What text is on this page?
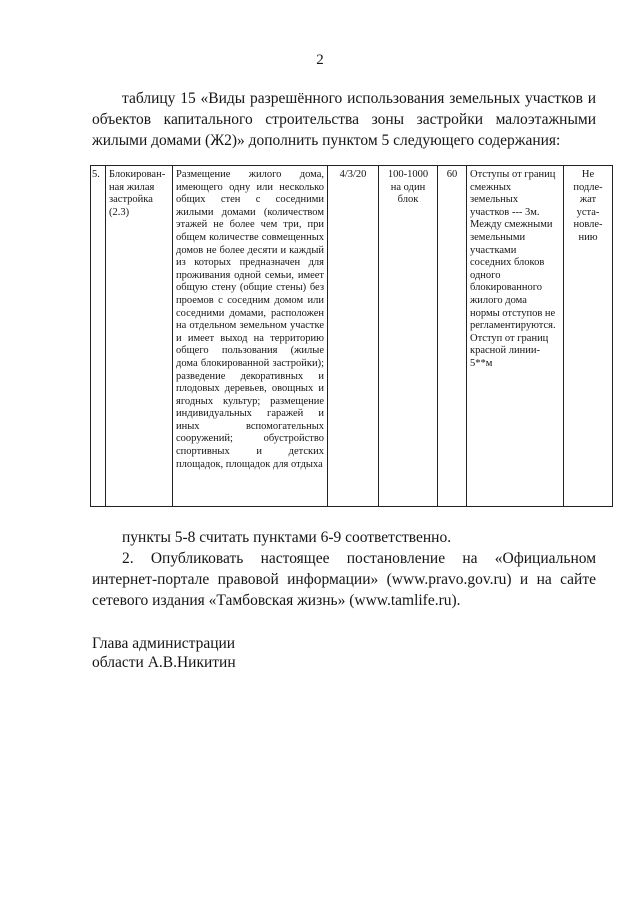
2
таблицу 15 «Виды разрешённого использования земельных участков и
объектов капитального строительства зоны застройки малоэтажными
жилыми домами (Ж2)» дополнить пунктом 5 следующего содержания:
5.	Блокирован-
ная жилая
застройка
(2.3)	Размещение жилого дома, имеющего одну или несколько общих стен с соседними жилыми домами (количеством этажей не более чем три, при общем количестве совмещенных домов не более десяти и каждый из которых предназначен для проживания одной семьи, имеет общую стену (общие стены) без проемов с соседним домом или соседними домами, расположен на отдельном земельном участке и имеет выход на территорию общего пользования (жилые дома блокированной застройки); разведение декоративных и плодовых деревьев, овощных и ягодных культур; размещение индивидуальных гаражей и иных вспомогательных сооружений; обустройство спортивных и детских площадок, площадок для отдыха	4/3/20	100-1000
на один
блок	60	Отступы от границ
смежных
земельных
участков --- 3м.
Между смежными
земельными
участками
соседних блоков
одного
блокированного
жилого дома
нормы отступов не
регламентируются.
Отступ от границ
красной линии-
5**м	Не
подле-
жат
уста-
новле-
нию
пункты 5-8 считать пунктами 6-9 соответственно.
2. Опубликовать настоящее постановление на «Официальном
интернет-портале правовой информации» (www.pravo.gov.ru) и на сайте
сетевого издания «Тамбовская жизнь» (www.tamlife.ru).
Глава администрации
области А.В.Никитин
